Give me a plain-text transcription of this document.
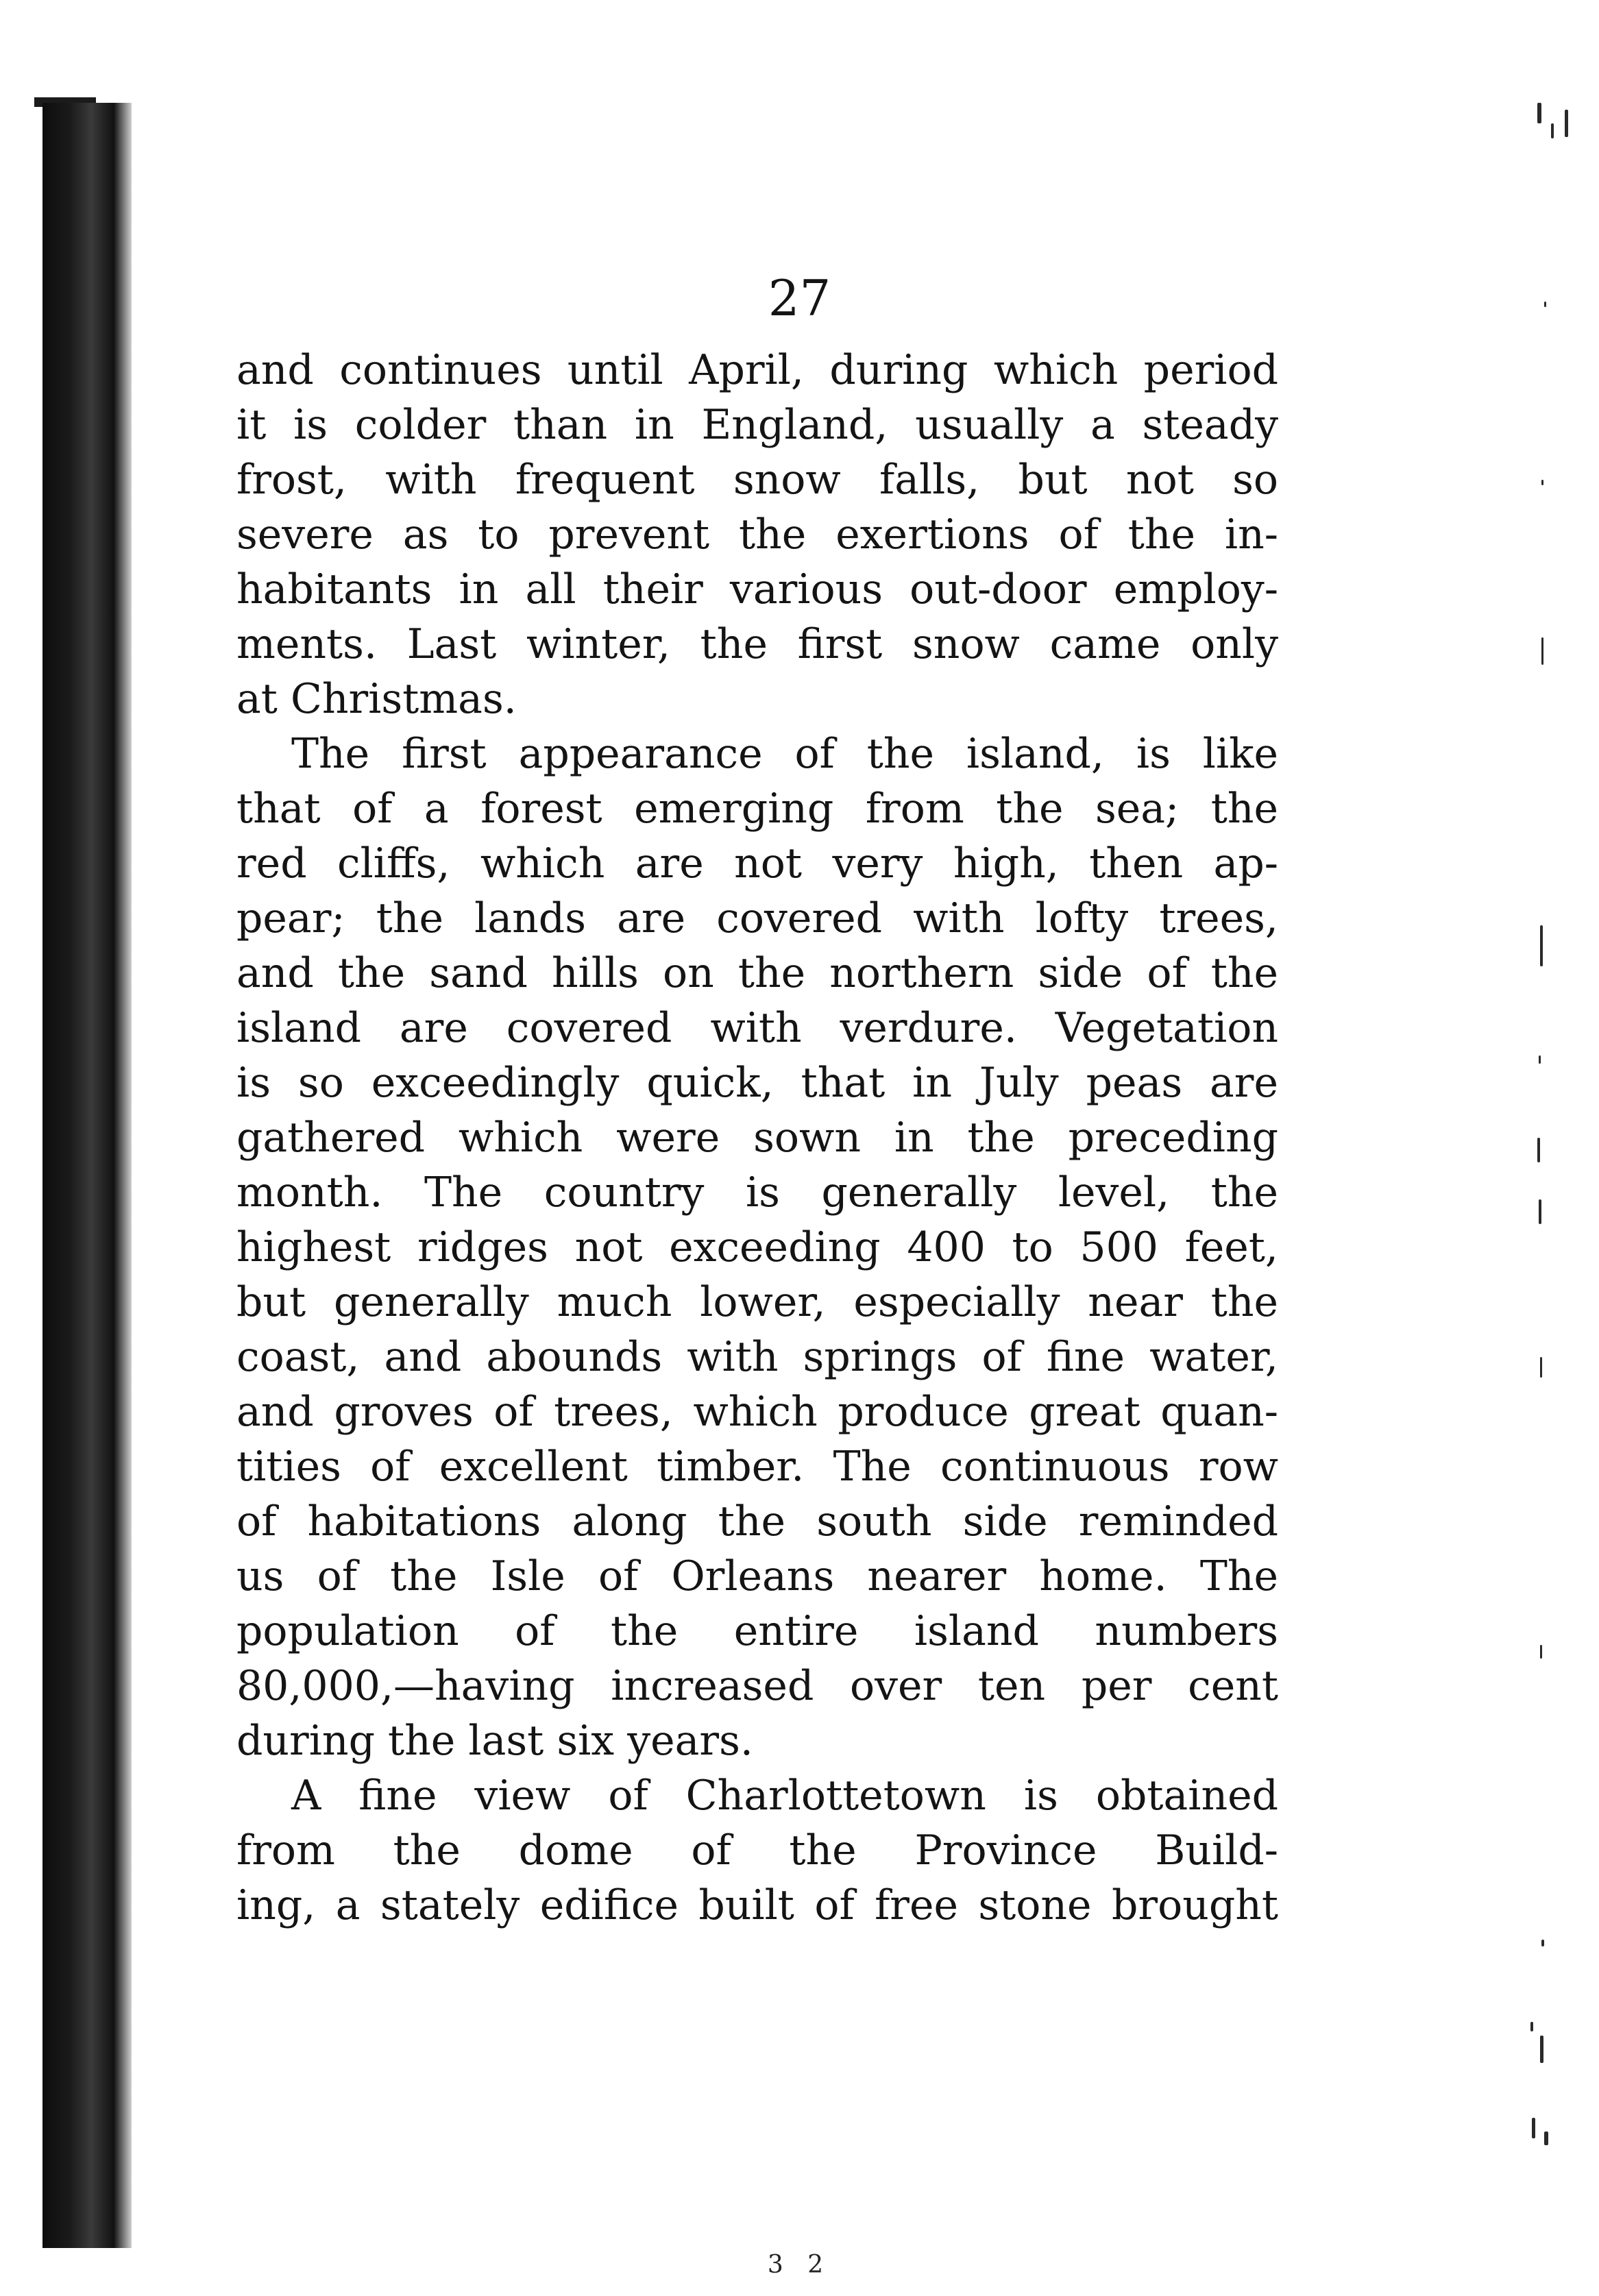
27
and continues until April, during which period
it is colder than in England, usually a steady
frost, with frequent snow falls, but not so
severe as to prevent the exertions of the in-
habitants in all their various out-door employ-
ments. Last winter, the first snow came only
at Christmas.
The first appearance of the island, is like
that of a forest emerging from the sea; the
red cliffs, which are not very high, then ap-
pear; the lands are covered with lofty trees,
and the sand hills on the northern side of the
island are covered with verdure. Vegetation
is so exceedingly quick, that in July peas are
gathered which were sown in the preceding
month. The country is generally level, the
highest ridges not exceeding 400 to 500 feet,
but generally much lower, especially near the
coast, and abounds with springs of fine water,
and groves of trees, which produce great quan-
tities of excellent timber. The continuous row
of habitations along the south side reminded
us of the Isle of Orleans nearer home. The
population of the entire island numbers
80,000,—having increased over ten per cent
during the last six years.
A fine view of Charlottetown is obtained
from the dome of the Province Build-
ing, a stately edifice built of free stone brought
3 2
